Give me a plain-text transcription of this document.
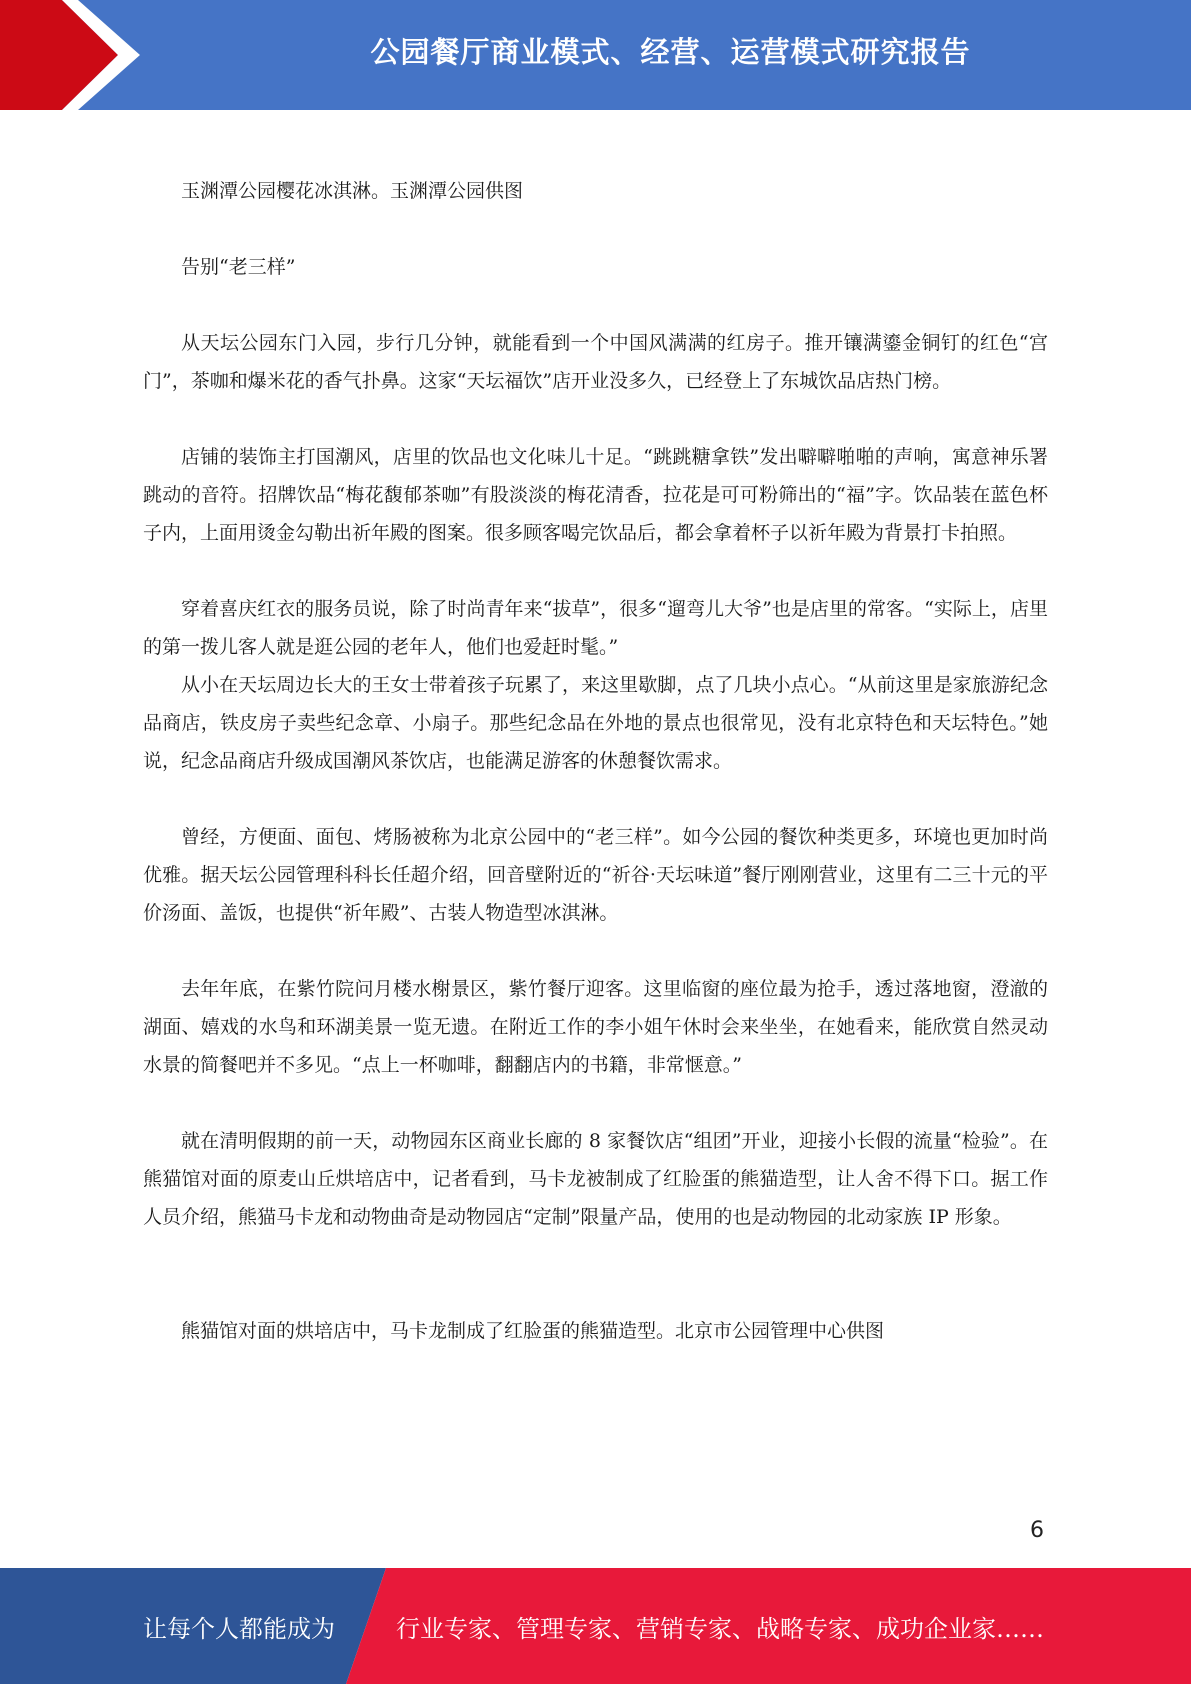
公园餐厅商业模式、经营、运营模式研究报告

玉渊潭公园樱花冰淇淋。玉渊潭公园供图

告别“老三样”

从天坛公园东门入园，步行几分钟，就能看到一个中国风满满的红房子。推开镶满鎏金铜钉的红色“宫门”，茶咖和爆米花的香气扑鼻。这家“天坛福饮”店开业没多久，已经登上了东城饮品店热门榜。

店铺的装饰主打国潮风，店里的饮品也文化味儿十足。“跳跳糖拿铁”发出噼噼啪啪的声响，寓意神乐署跳动的音符。招牌饮品“梅花馥郁茶咖”有股淡淡的梅花清香，拉花是可可粉筛出的“福”字。饮品装在蓝色杯子内，上面用烫金勾勒出祈年殿的图案。很多顾客喝完饮品后，都会拿着杯子以祈年殿为背景打卡拍照。

穿着喜庆红衣的服务员说，除了时尚青年来“拔草”，很多“遛弯儿大爷”也是店里的常客。“实际上，店里的第一拨儿客人就是逛公园的老年人，他们也爱赶时髦。”

从小在天坛周边长大的王女士带着孩子玩累了，来这里歇脚，点了几块小点心。“从前这里是家旅游纪念品商店，铁皮房子卖些纪念章、小扇子。那些纪念品在外地的景点也很常见，没有北京特色和天坛特色。”她说，纪念品商店升级成国潮风茶饮店，也能满足游客的休憩餐饮需求。

曾经，方便面、面包、烤肠被称为北京公园中的“老三样”。如今公园的餐饮种类更多，环境也更加时尚优雅。据天坛公园管理科科长任超介绍，回音壁附近的“祈谷·天坛味道”餐厅刚刚营业，这里有二三十元的平价汤面、盖饭，也提供“祈年殿”、古装人物造型冰淇淋。

去年年底，在紫竹院问月楼水榭景区，紫竹餐厅迎客。这里临窗的座位最为抢手，透过落地窗，澄澈的湖面、嬉戏的水鸟和环湖美景一览无遗。在附近工作的李小姐午休时会来坐坐，在她看来，能欣赏自然灵动水景的简餐吧并不多见。“点上一杯咖啡，翻翻店内的书籍，非常惬意。”

就在清明假期的前一天，动物园东区商业长廊的 8 家餐饮店“组团”开业，迎接小长假的流量“检验”。在熊猫馆对面的原麦山丘烘培店中，记者看到，马卡龙被制成了红脸蛋的熊猫造型，让人舍不得下口。据工作人员介绍，熊猫马卡龙和动物曲奇是动物园店“定制”限量产品，使用的也是动物园的北动家族 IP 形象。

熊猫馆对面的烘培店中，马卡龙制成了红脸蛋的熊猫造型。北京市公园管理中心供图

6
让每个人都能成为	行业专家、管理专家、营销专家、战略专家、成功企业家……
